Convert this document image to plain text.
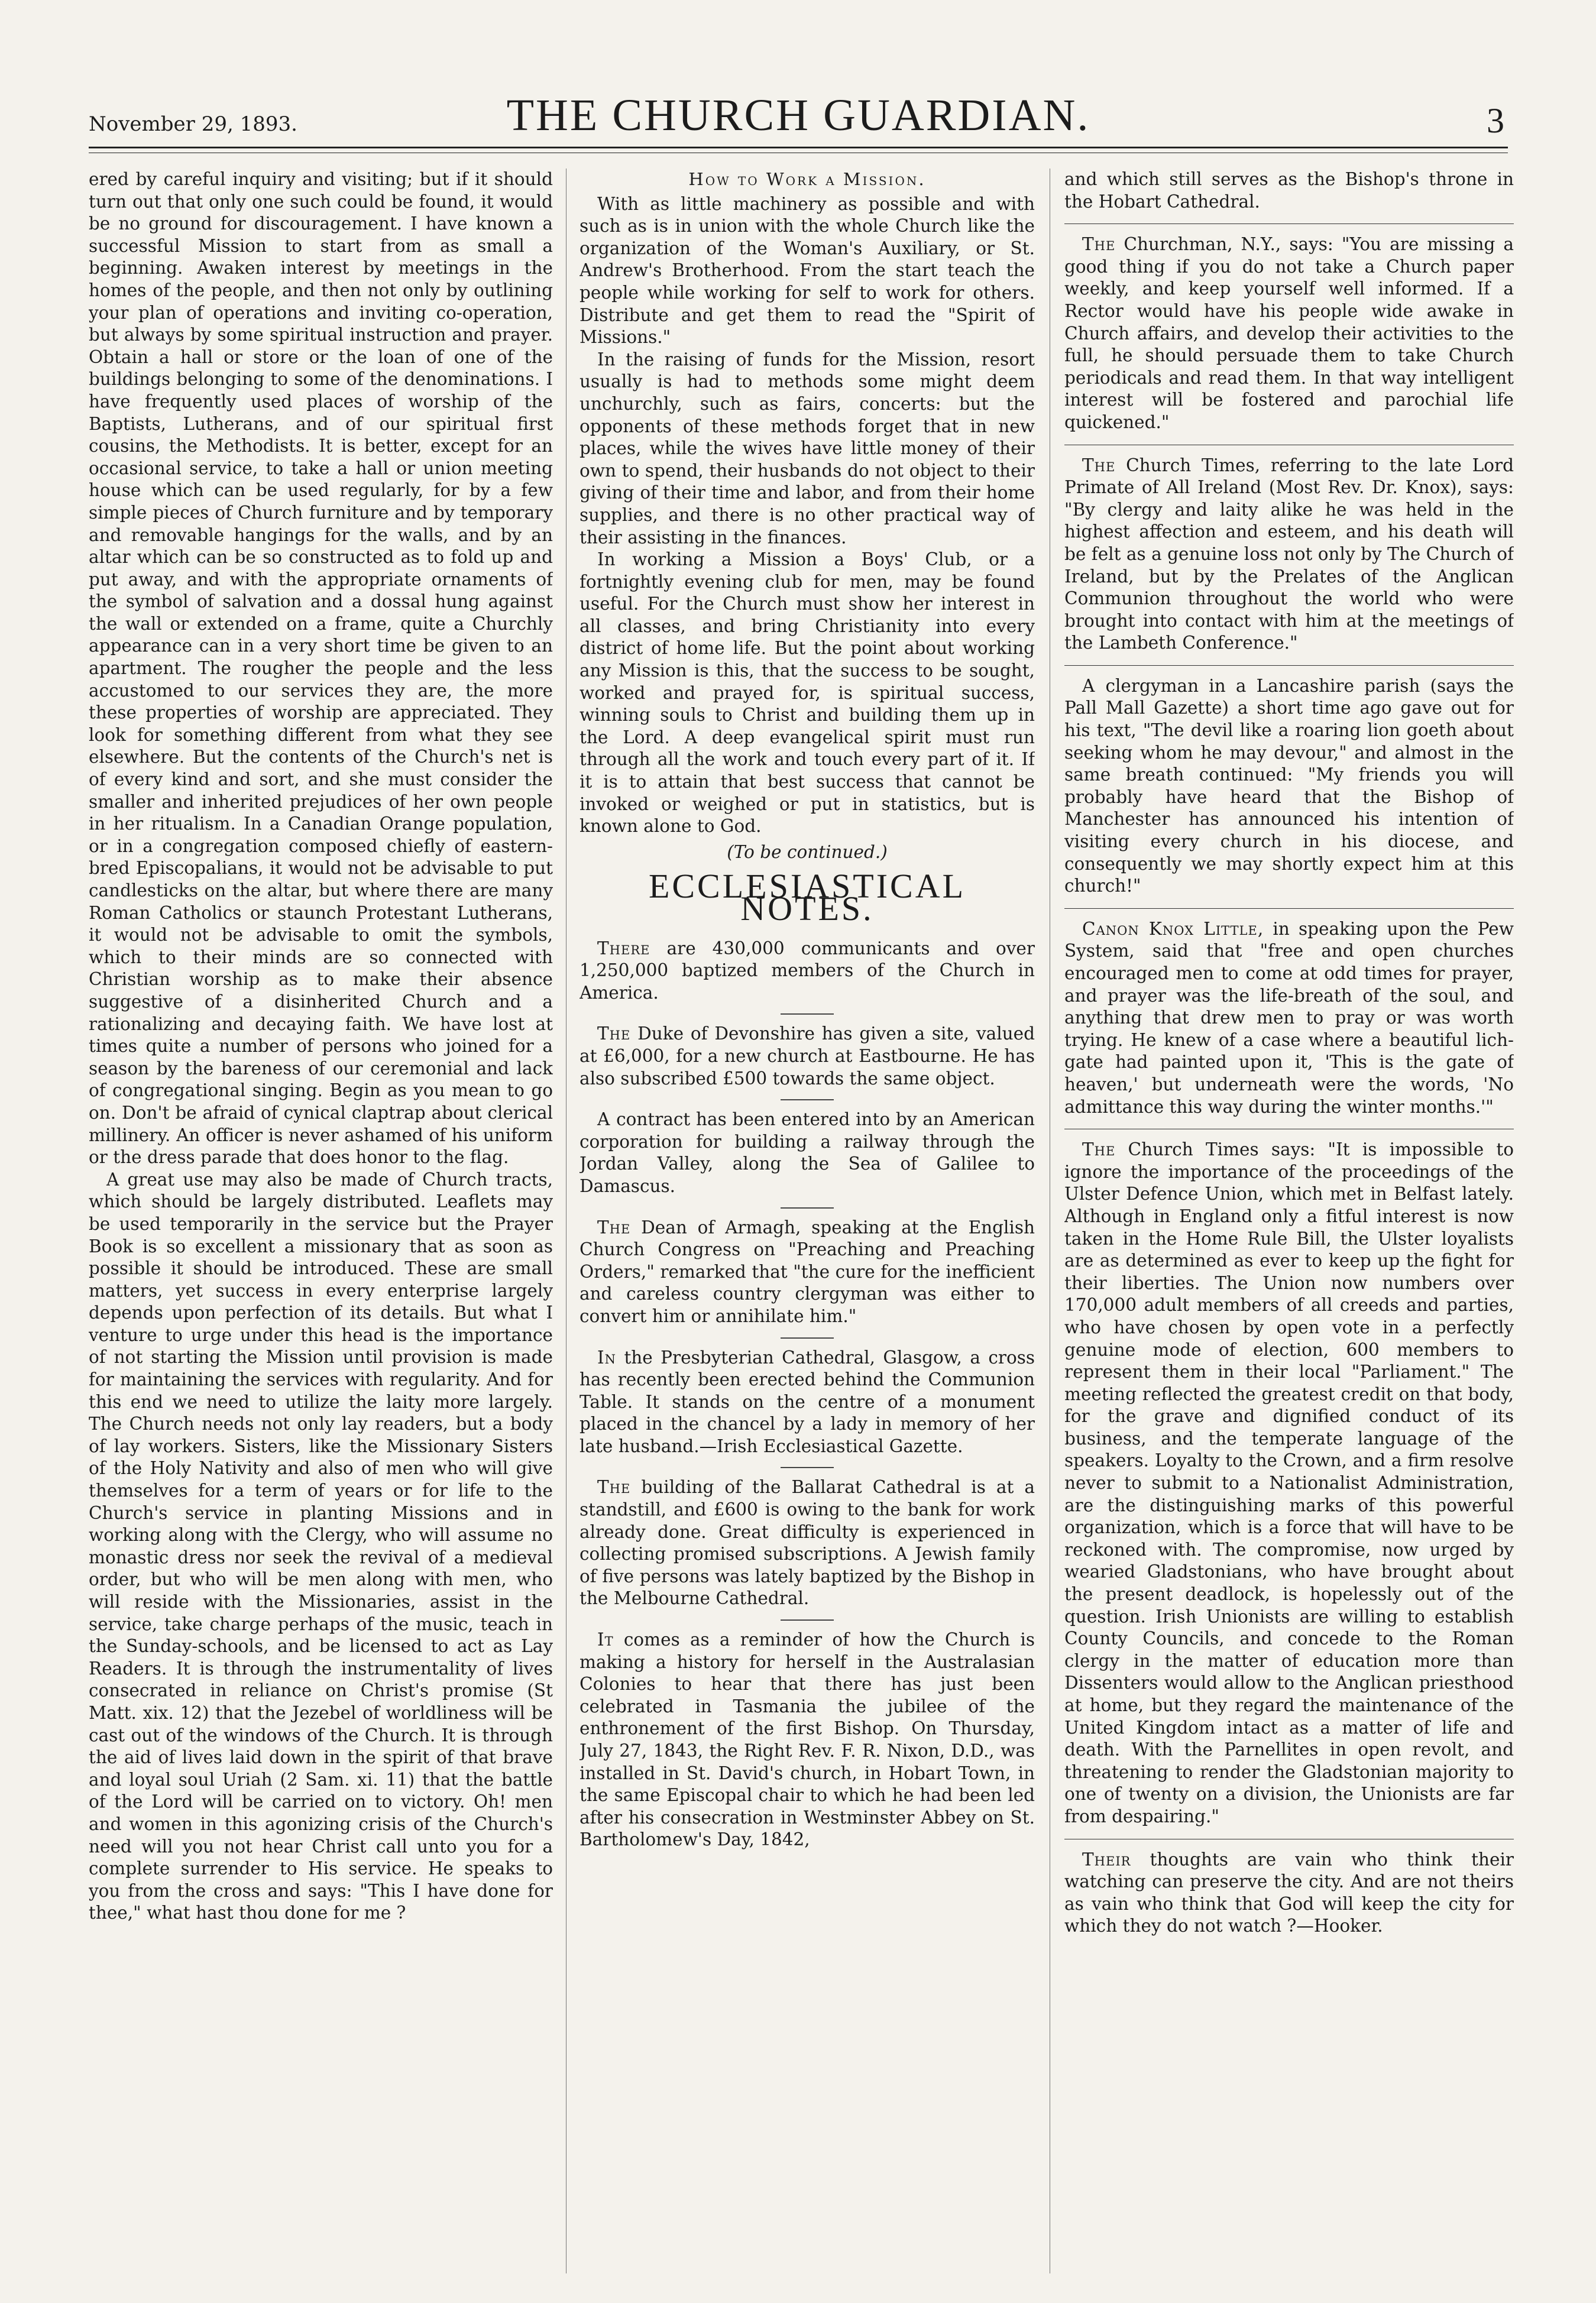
November 29, 1893.	THE CHURCH GUARDIAN.	3

ered by careful inquiry and visiting; but if it should turn out that only one such could be found, it would be no ground for discouragement. I have known a successful Mission to start from as small a beginning. Awaken interest by meetings in the homes of the people, and then not only by outlining your plan of operations and inviting co-operation, but always by some spiritual instruction and prayer. Obtain a hall or store or the loan of one of the buildings belonging to some of the denominations. I have frequently used places of worship of the Baptists, Lutherans, and of our spiritual first cousins, the Methodists. It is better, except for an occasional service, to take a hall or union meeting house which can be used regularly, for by a few simple pieces of Church furniture and by temporary and removable hangings for the walls, and by an altar which can be so constructed as to fold up and put away, and with the appropriate ornaments of the symbol of salvation and a dossal hung against the wall or extended on a frame, quite a Churchly appearance can in a very short time be given to an apartment. The rougher the people and the less accustomed to our services they are, the more these properties of worship are appreciated. They look for something different from what they see elsewhere. But the contents of the Church's net is of every kind and sort, and she must consider the smaller and inherited prejudices of her own people in her ritualism. In a Canadian Orange population, or in a congregation composed chiefly of eastern-bred Episcopalians, it would not be advisable to put candlesticks on the altar, but where there are many Roman Catholics or staunch Protestant Lutherans, it would not be advisable to omit the symbols, which to their minds are so connected with Christian worship as to make their absence suggestive of a disinherited Church and a rationalizing and decaying faith. We have lost at times quite a number of persons who joined for a season by the bareness of our ceremonial and lack of congregational singing. Begin as you mean to go on. Don't be afraid of cynical claptrap about clerical millinery. An officer is never ashamed of his uniform or the dress parade that does honor to the flag.

A great use may also be made of Church tracts, which should be largely distributed. Leaflets may be used temporarily in the service but the Prayer Book is so excellent a missionary that as soon as possible it should be introduced. These are small matters, yet success in every enterprise largely depends upon perfection of its details. But what I venture to urge under this head is the importance of not starting the Mission until provision is made for maintaining the services with regularity. And for this end we need to utilize the laity more largely. The Church needs not only lay readers, but a body of lay workers. Sisters, like the Missionary Sisters of the Holy Nativity and also of men who will give themselves for a term of years or for life to the Church's service in planting Missions and in working along with the Clergy, who will assume no monastic dress nor seek the revival of a medieval order, but who will be men along with men, who will reside with the Missionaries, assist in the service, take charge perhaps of the music, teach in the Sunday-schools, and be licensed to act as Lay Readers. It is through the instrumentality of lives consecrated in reliance on Christ's promise (St Matt. xix. 12) that the Jezebel of worldliness will be cast out of the windows of the Church. It is through the aid of lives laid down in the spirit of that brave and loyal soul Uriah (2 Sam. xi. 11) that the battle of the Lord will be carried on to victory. Oh! men and women in this agonizing crisis of the Church's need will you not hear Christ call unto you for a complete surrender to His service. He speaks to you from the cross and says: "This I have done for thee," what hast thou done for me ?

How to Work a Mission.

With as little machinery as possible and with such as is in union with the whole Church like the organization of the Woman's Auxiliary, or St. Andrew's Brotherhood. From the start teach the people while working for self to work for others. Distribute and get them to read the "Spirit of Missions."

In the raising of funds for the Mission, resort usually is had to methods some might deem unchurchly, such as fairs, concerts: but the opponents of these methods forget that in new places, while the wives have little money of their own to spend, their husbands do not object to their giving of their time and labor, and from their home supplies, and there is no other practical way of their assisting in the finances.

In working a Mission a Boys' Club, or a fortnightly evening club for men, may be found useful. For the Church must show her interest in all classes, and bring Christianity into every district of home life. But the point about working any Mission is this, that the success to be sought, worked and prayed for, is spiritual success, winning souls to Christ and building them up in the Lord. A deep evangelical spirit must run through all the work and touch every part of it. If it is to attain that best success that cannot be invoked or weighed or put in statistics, but is known alone to God.

(To be continued.)
ECCLESIASTICAL NOTES.

There are 430,000 communicants and over 1,250,000 baptized members of the Church in America.

The Duke of Devonshire has given a site, valued at £6,000, for a new church at Eastbourne. He has also subscribed £500 towards the same object.

A contract has been entered into by an American corporation for building a railway through the Jordan Valley, along the Sea of Galilee to Damascus.

The Dean of Armagh, speaking at the English Church Congress on "Preaching and Preaching Orders," remarked that "the cure for the inefficient and careless country clergyman was either to convert him or annihilate him."

In the Presbyterian Cathedral, Glasgow, a cross has recently been erected behind the Communion Table. It stands on the centre of a monument placed in the chancel by a lady in memory of her late husband.—Irish Ecclesiastical Gazette.

The building of the Ballarat Cathedral is at a standstill, and £600 is owing to the bank for work already done. Great difficulty is experienced in collecting promised subscriptions. A Jewish family of five persons was lately baptized by the Bishop in the Melbourne Cathedral.

It comes as a reminder of how the Church is making a history for herself in the Australasian Colonies to hear that there has just been celebrated in Tasmania the jubilee of the enthronement of the first Bishop. On Thursday, July 27, 1843, the Right Rev. F. R. Nixon, D.D., was installed in St. David's church, in Hobart Town, in the same Episcopal chair to which he had been led after his consecration in Westminster Abbey on St. Bartholomew's Day, 1842,

and which still serves as the Bishop's throne in the Hobart Cathedral.

The Churchman, N.Y., says: "You are missing a good thing if you do not take a Church paper weekly, and keep yourself well informed. If a Rector would have his people wide awake in Church affairs, and develop their activities to the full, he should persuade them to take Church periodicals and read them. In that way intelligent interest will be fostered and parochial life quickened."

The Church Times, referring to the late Lord Primate of All Ireland (Most Rev. Dr. Knox), says: "By clergy and laity alike he was held in the highest affection and esteem, and his death will be felt as a genuine loss not only by The Church of Ireland, but by the Prelates of the Anglican Communion throughout the world who were brought into contact with him at the meetings of the Lambeth Conference."

A clergyman in a Lancashire parish (says the Pall Mall Gazette) a short time ago gave out for his text, "The devil like a roaring lion goeth about seeking whom he may devour," and almost in the same breath continued: "My friends you will probably have heard that the Bishop of Manchester has announced his intention of visiting every church in his diocese, and consequently we may shortly expect him at this church!"

Canon Knox Little, in speaking upon the Pew System, said that "free and open churches encouraged men to come at odd times for prayer, and prayer was the life-breath of the soul, and anything that drew men to pray or was worth trying. He knew of a case where a beautiful lich-gate had painted upon it, 'This is the gate of heaven,' but underneath were the words, 'No admittance this way during the winter months.'"

The Church Times says: "It is impossible to ignore the importance of the proceedings of the Ulster Defence Union, which met in Belfast lately. Although in England only a fitful interest is now taken in the Home Rule Bill, the Ulster loyalists are as determined as ever to keep up the fight for their liberties. The Union now numbers over 170,000 adult members of all creeds and parties, who have chosen by open vote in a perfectly genuine mode of election, 600 members to represent them in their local "Parliament." The meeting reflected the greatest credit on that body, for the grave and dignified conduct of its business, and the temperate language of the speakers. Loyalty to the Crown, and a firm resolve never to submit to a Nationalist Administration, are the distinguishing marks of this powerful organization, which is a force that will have to be reckoned with. The compromise, now urged by wearied Gladstonians, who have brought about the present deadlock, is hopelessly out of the question. Irish Unionists are willing to establish County Councils, and concede to the Roman clergy in the matter of education more than Dissenters would allow to the Anglican priesthood at home, but they regard the maintenance of the United Kingdom intact as a matter of life and death. With the Parnellites in open revolt, and threatening to render the Gladstonian majority to one of twenty on a division, the Unionists are far from despairing."

Their thoughts are vain who think their watching can preserve the city. And are not theirs as vain who think that God will keep the city for which they do not watch ?—Hooker.
